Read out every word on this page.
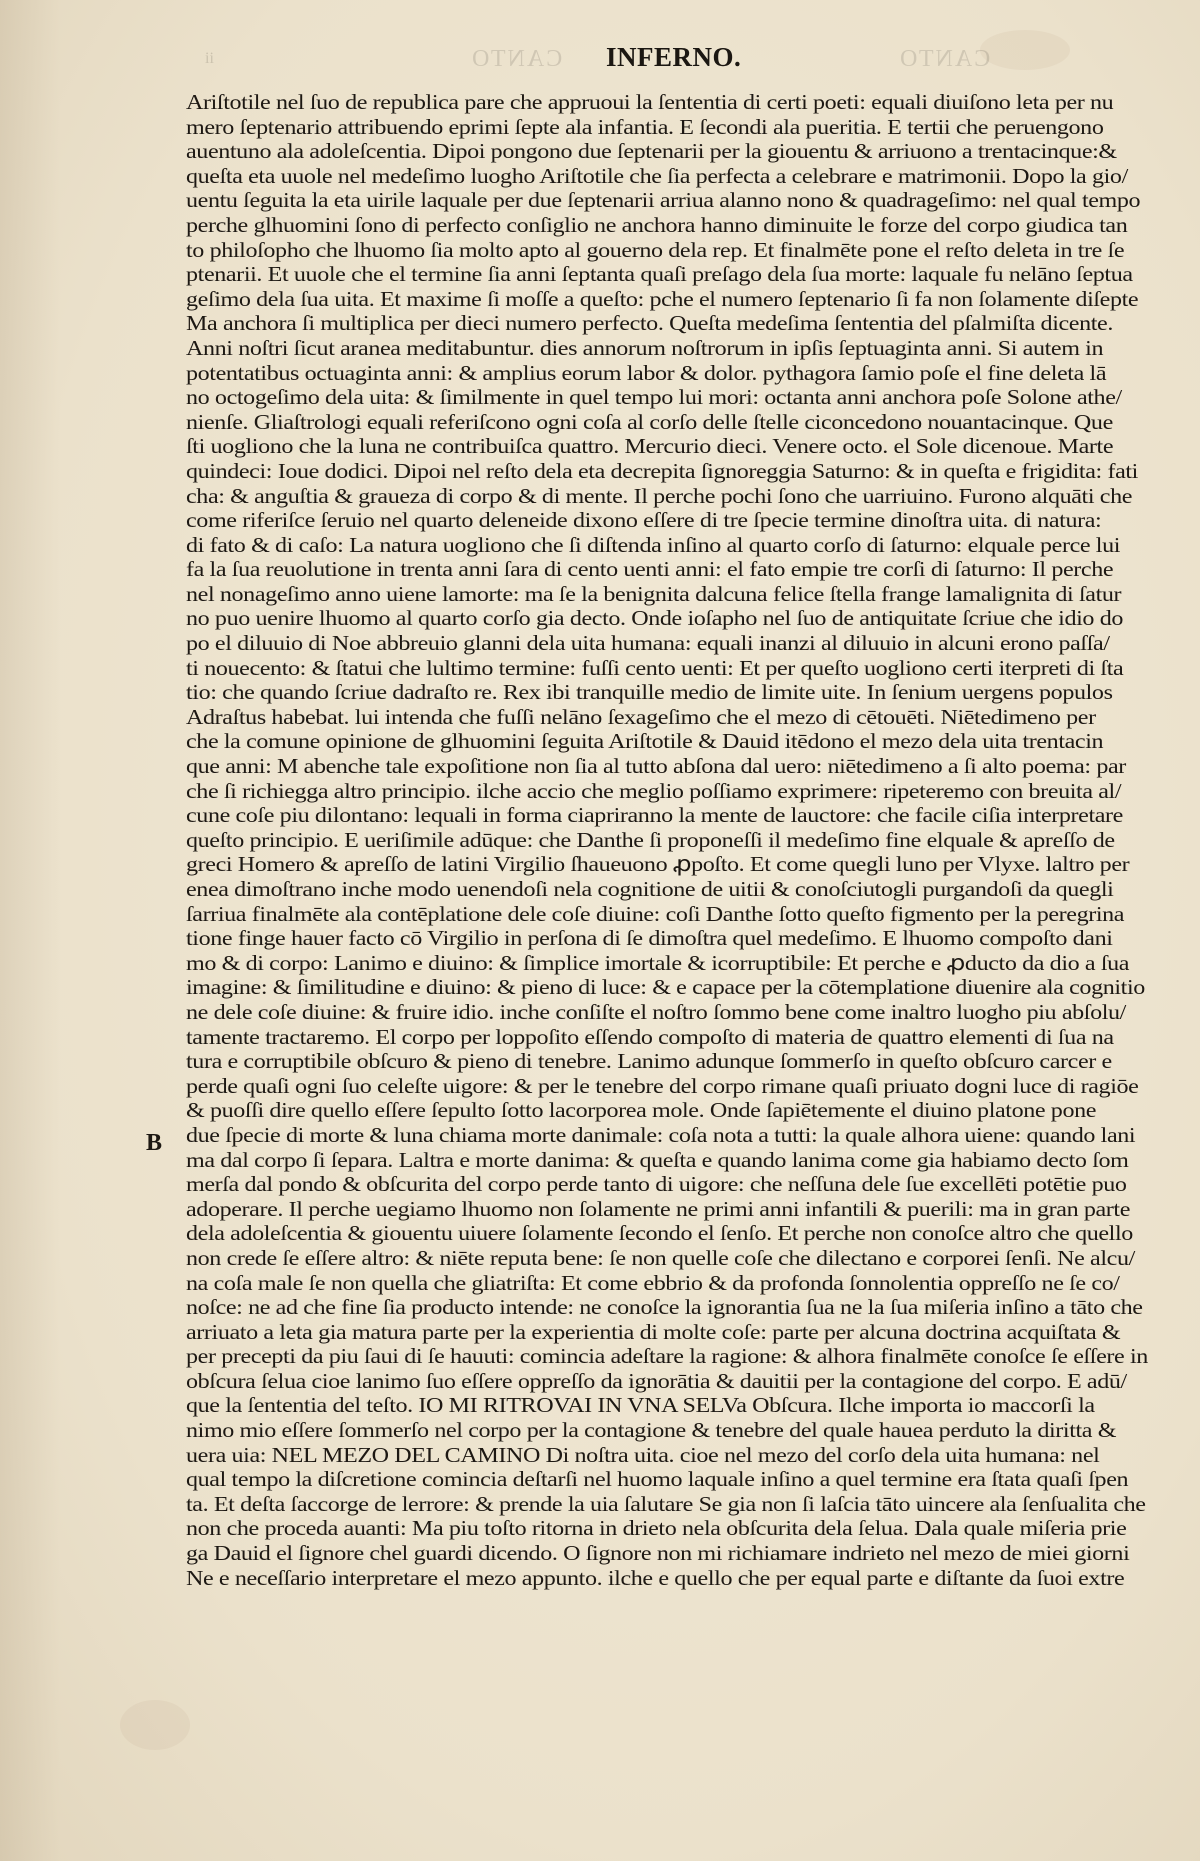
ii	CANTO INFERNO.	CANTO
B
Ariſtotile nel ſuo de republica pare che appruoui la ſententia di certi poeti: equali diuiſono leta per nu
mero ſeptenario attribuendo eprimi ſepte ala infantia. E ſecondi ala pueritia. E tertii che peruengono
auentuno ala adoleſcentia. Dipoi pongono due ſeptenarii per la giouentu & arriuono a trentacinque:&
queſta eta uuole nel medeſimo luogho Ariſtotile che ſia perfecta a celebrare e matrimonii. Dopo la gio/
uentu ſeguita la eta uirile laquale per due ſeptenarii arriua alanno nono & quadrageſimo: nel qual tempo
perche glhuomini ſono di perfecto conſiglio ne anchora hanno diminuite le forze del corpo giudica tan
to philoſopho che lhuomo ſia molto apto al gouerno dela rep. Et finalmēte pone el reſto deleta in tre ſe
ptenarii. Et uuole che el termine ſia anni ſeptanta quaſi preſago dela ſua morte: laquale fu nelāno ſeptua
geſimo dela ſua uita. Et maxime ſi moſſe a queſto: pche el numero ſeptenario ſi fa non ſolamente diſepte
Ma anchora ſi multiplica per dieci numero perfecto. Queſta medeſima ſententia del pſalmiſta dicente.
Anni noſtri ſicut aranea meditabuntur. dies annorum noſtrorum in ipſis ſeptuaginta anni. Si autem in
potentatibus octuaginta anni: & amplius eorum labor & dolor. pythagora ſamio poſe el fine deleta lā
no octogeſimo dela uita: & ſimilmente in quel tempo lui mori: octanta anni anchora poſe Solone athe/
nienſe. Gliaſtrologi equali referiſcono ogni coſa al corſo delle ſtelle ciconcedono nouantacinque. Que
ſti uogliono che la luna ne contribuiſca quattro. Mercurio dieci. Venere octo. el Sole dicenoue. Marte
quindeci: Ioue dodici. Dipoi nel reſto dela eta decrepita ſignoreggia Saturno: & in queſta e frigidita: fati
cha: & anguſtia & graueza di corpo & di mente. Il perche pochi ſono che uarriuino. Furono alquāti che
come riferiſce ſeruio nel quarto deleneide dixono eſſere di tre ſpecie termine dinoſtra uita. di natura:
di fato & di caſo: La natura uogliono che ſi diſtenda inſino al quarto corſo di ſaturno: elquale perce lui
fa la ſua reuolutione in trenta anni ſara di cento uenti anni: el fato empie tre corſi di ſaturno: Il perche
nel nonageſimo anno uiene lamorte: ma ſe la benignita dalcuna felice ſtella frange lamalignita di ſatur
no puo uenire lhuomo al quarto corſo gia decto. Onde ioſapho nel ſuo de antiquitate ſcriue che idio do
po el diluuio di Noe abbreuio glanni dela uita humana: equali inanzi al diluuio in alcuni erono paſſa/
ti nouecento: & ſtatui che lultimo termine: fuſſi cento uenti: Et per queſto uogliono certi iterpreti di ſta
tio: che quando ſcriue dadraſto re. Rex ibi tranquille medio de limite uite. In ſenium uergens populos
Adraſtus habebat. lui intenda che fuſſi nelāno ſexageſimo che el mezo di cētouēti. Niētedimeno per
che la comune opinione de glhuomini ſeguita Ariſtotile & Dauid itēdono el mezo dela uita trentacin
que anni: M abenche tale expoſitione non ſia al tutto abſona dal uero: niētedimeno a ſi alto poema: par
che ſi richiegga altro principio. ilche accio che meglio poſſiamo exprimere: ripeteremo con breuita al/
cune coſe piu dilontano: lequali in forma ciapriranno la mente de lauctore: che facile ciſia interpretare
queſto principio. E ueriſimile adūque: che Danthe ſi proponeſſi il medeſimo fine elquale & apreſſo de
greci Homero & apreſſo de latini Virgilio ſhaueuono ꝓpoſto. Et come quegli luno per Vlyxe. laltro per
enea dimoſtrano inche modo uenendoſi nela cognitione de uitii & conoſciutogli purgandoſi da quegli
ſarriua finalmēte ala contēplatione dele coſe diuine: coſi Danthe ſotto queſto figmento per la peregrina
tione finge hauer facto cō Virgilio in perſona di ſe dimoſtra quel medeſimo. E lhuomo compoſto dani
mo & di corpo: Lanimo e diuino: & ſimplice imortale & icorruptibile: Et perche e ꝓducto da dio a ſua
imagine: & ſimilitudine e diuino: & pieno di luce: & e capace per la cōtemplatione diuenire ala cognitio
ne dele coſe diuine: & fruire idio. inche conſiſte el noſtro ſommo bene come inaltro luogho piu abſolu/
tamente tractaremo. El corpo per loppoſito eſſendo compoſto di materia de quattro elementi di ſua na
tura e corruptibile obſcuro & pieno di tenebre. Lanimo adunque ſommerſo in queſto obſcuro carcer e
perde quaſi ogni ſuo celeſte uigore: & per le tenebre del corpo rimane quaſi priuato dogni luce di ragiōe
& puoſſi dire quello eſſere ſepulto ſotto lacorporea mole. Onde ſapiētemente el diuino platone pone
due ſpecie di morte & luna chiama morte danimale: coſa nota a tutti: la quale alhora uiene: quando lani
ma dal corpo ſi ſepara. Laltra e morte danima: & queſta e quando lanima come gia habiamo decto ſom
merſa dal pondo & obſcurita del corpo perde tanto di uigore: che neſſuna dele ſue excellēti potētie puo
adoperare. Il perche uegiamo lhuomo non ſolamente ne primi anni infantili & puerili: ma in gran parte
dela adoleſcentia & giouentu uiuere ſolamente ſecondo el ſenſo. Et perche non conoſce altro che quello
non crede ſe eſſere altro: & niēte reputa bene: ſe non quelle coſe che dilectano e corporei ſenſi. Ne alcu/
na coſa male ſe non quella che gliatriſta: Et come ebbrio & da profonda ſonnolentia oppreſſo ne ſe co/
noſce: ne ad che fine ſia producto intende: ne conoſce la ignorantia ſua ne la ſua miſeria inſino a tāto che
arriuato a leta gia matura parte per la experientia di molte coſe: parte per alcuna doctrina acquiſtata &
per precepti da piu ſaui di ſe hauuti: comincia adeſtare la ragione: & alhora finalmēte conoſce ſe eſſere in
obſcura ſelua cioe lanimo ſuo eſſere oppreſſo da ignorātia & dauitii per la contagione del corpo. E adū/
que la ſententia del teſto. IO MI RITROVAI IN VNA SELVa Obſcura. Ilche importa io maccorſi la
nimo mio eſſere ſommerſo nel corpo per la contagione & tenebre del quale hauea perduto la diritta &
uera uia: NEL MEZO DEL CAMINO Di noſtra uita. cioe nel mezo del corſo dela uita humana: nel
qual tempo la diſcretione comincia deſtarſi nel huomo laquale inſino a quel termine era ſtata quaſi ſpen
ta. Et deſta ſaccorge de lerrore: & prende la uia ſalutare Se gia non ſi laſcia tāto uincere ala ſenſualita che
non che proceda auanti: Ma piu toſto ritorna in drieto nela obſcurita dela ſelua. Dala quale miſeria prie
ga Dauid el ſignore chel guardi dicendo. O ſignore non mi richiamare indrieto nel mezo de miei giorni
Ne e neceſſario interpretare el mezo appunto. ilche e quello che per equal parte e diſtante da ſuoi extre
